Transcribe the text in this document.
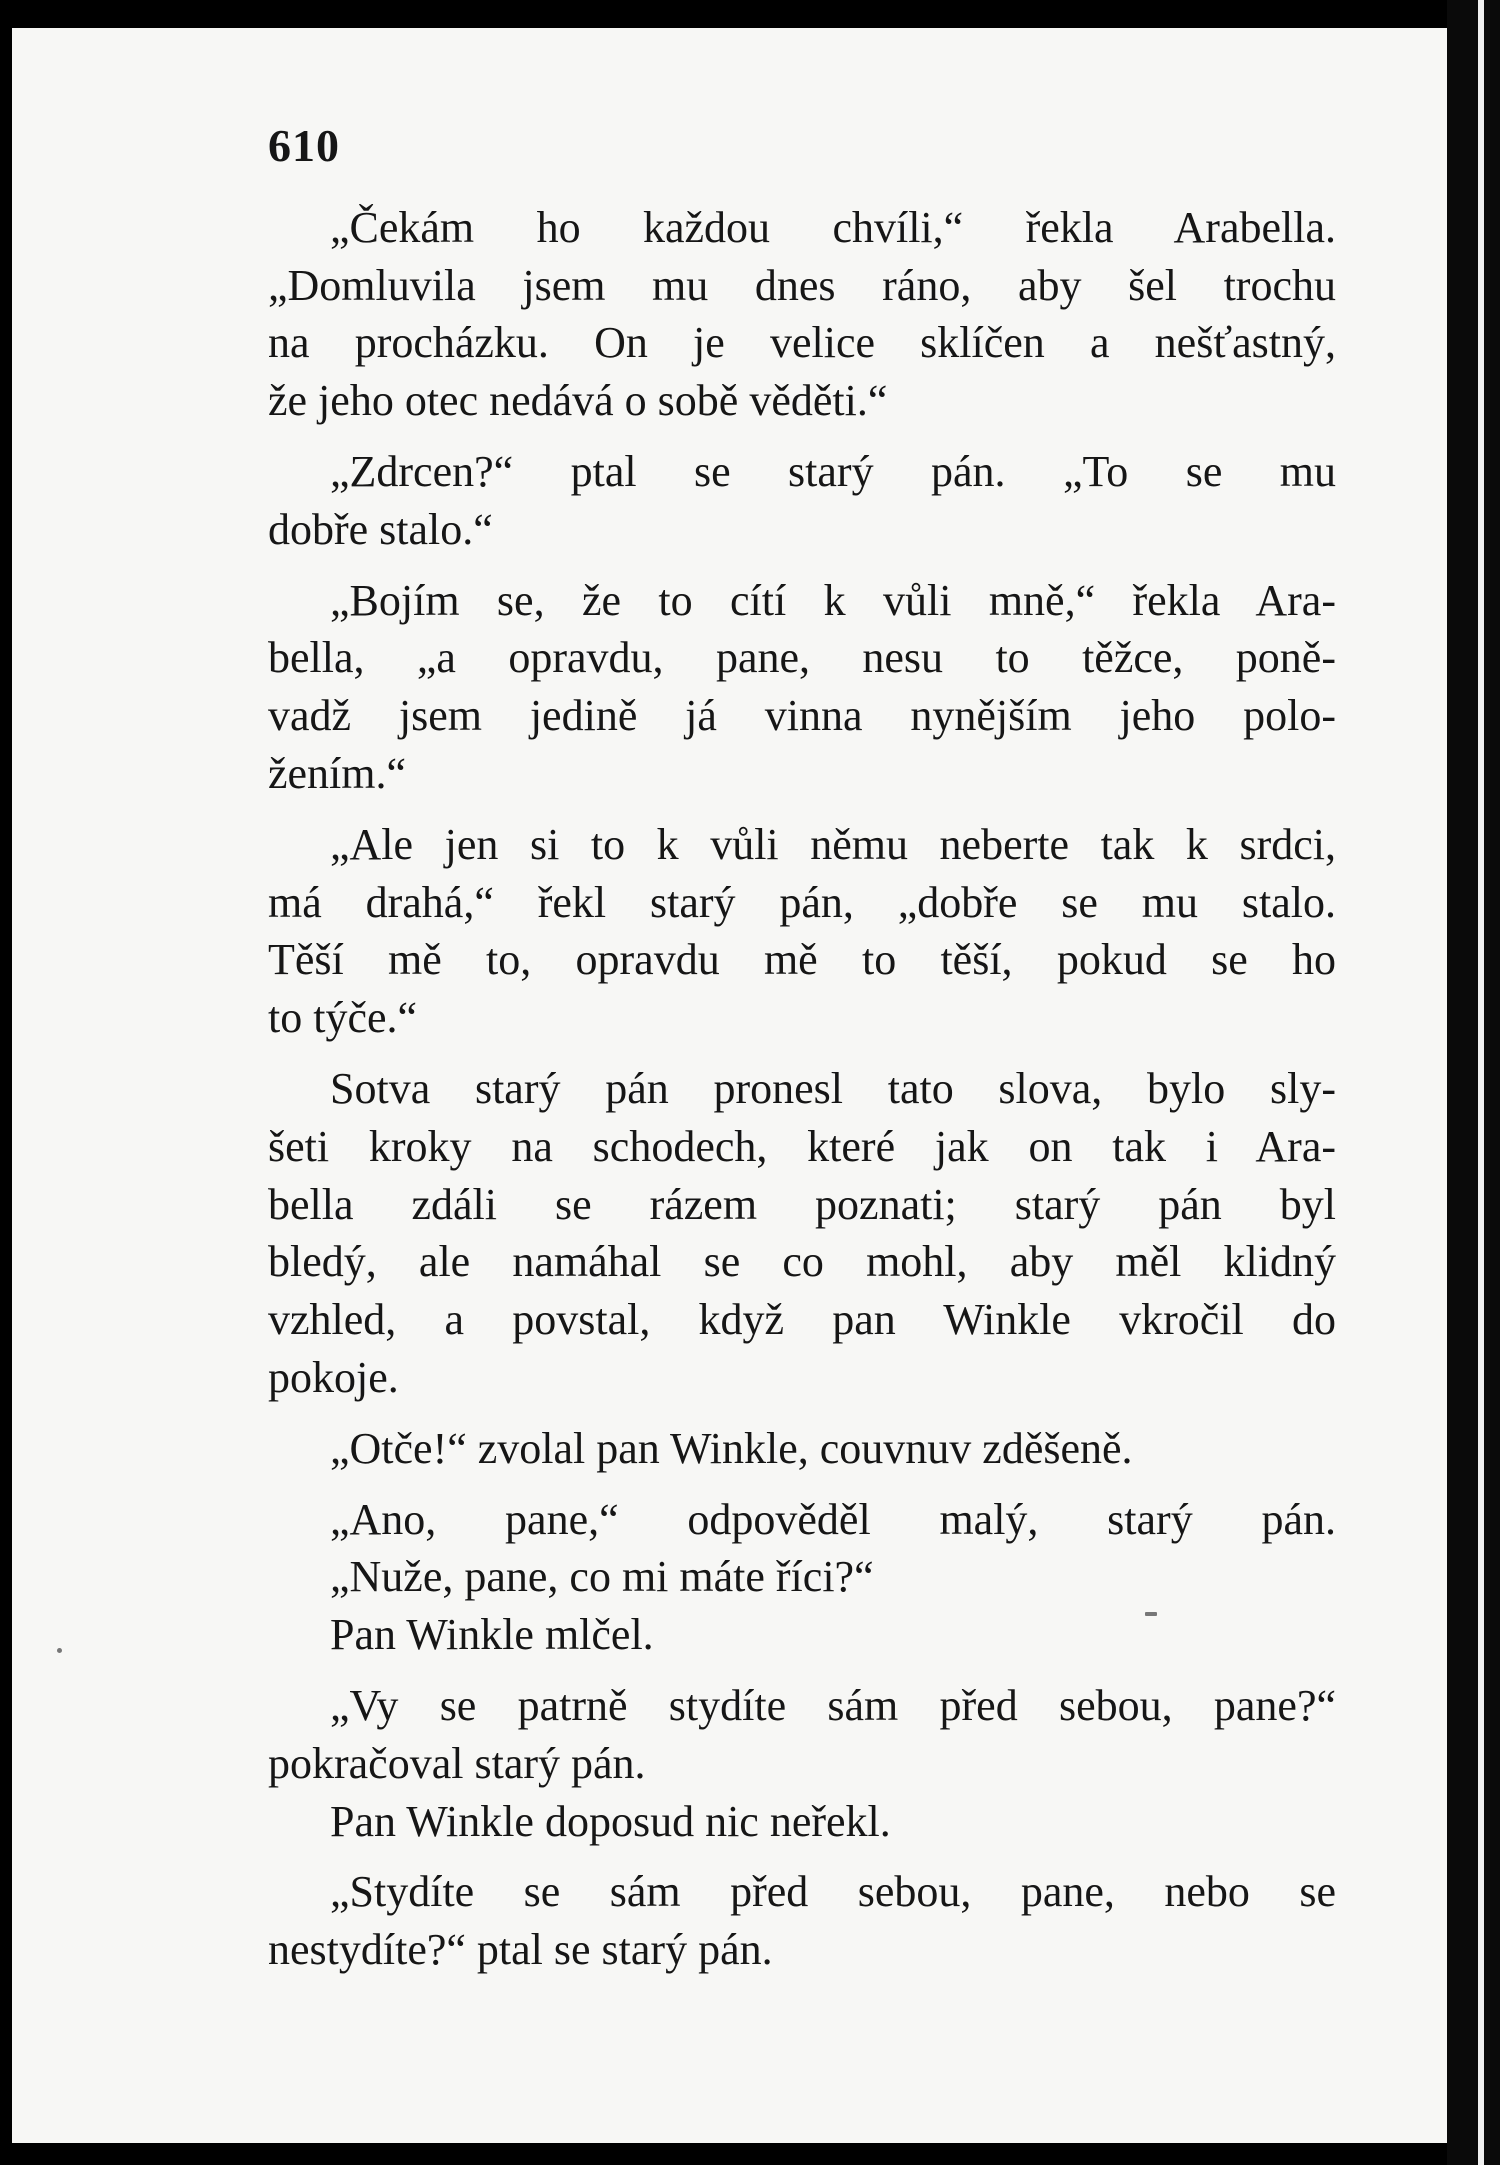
610
„Čekám ho každou chvíli,“ řekla Arabella.
„Domluvila jsem mu dnes ráno, aby šel trochu
na procházku. On je velice sklíčen a nešťastný,
že jeho otec nedává o sobě věděti.“
„Zdrcen?“ ptal se starý pán. „To se mu
dobře stalo.“
„Bojím se, že to cítí k vůli mně,“ řekla Ara-
bella, „a opravdu, pane, nesu to těžce, poně-
vadž jsem jedině já vinna nynějším jeho polo-
žením.“
„Ale jen si to k vůli němu neberte tak k srdci,
má drahá,“ řekl starý pán, „dobře se mu stalo.
Těší mě to, opravdu mě to těší, pokud se ho
to týče.“
Sotva starý pán pronesl tato slova, bylo sly-
šeti kroky na schodech, které jak on tak i Ara-
bella zdáli se rázem poznati; starý pán byl
bledý, ale namáhal se co mohl, aby měl klidný
vzhled, a povstal, když pan Winkle vkročil do
pokoje.
„Otče!“ zvolal pan Winkle, couvnuv zděšeně.
„Ano, pane,“ odpověděl malý, starý pán.
„Nuže, pane, co mi máte říci?“
Pan Winkle mlčel.
„Vy se patrně stydíte sám před sebou, pane?“
pokračoval starý pán.
Pan Winkle doposud nic neřekl.
„Stydíte se sám před sebou, pane, nebo se
nestydíte?“ ptal se starý pán.
